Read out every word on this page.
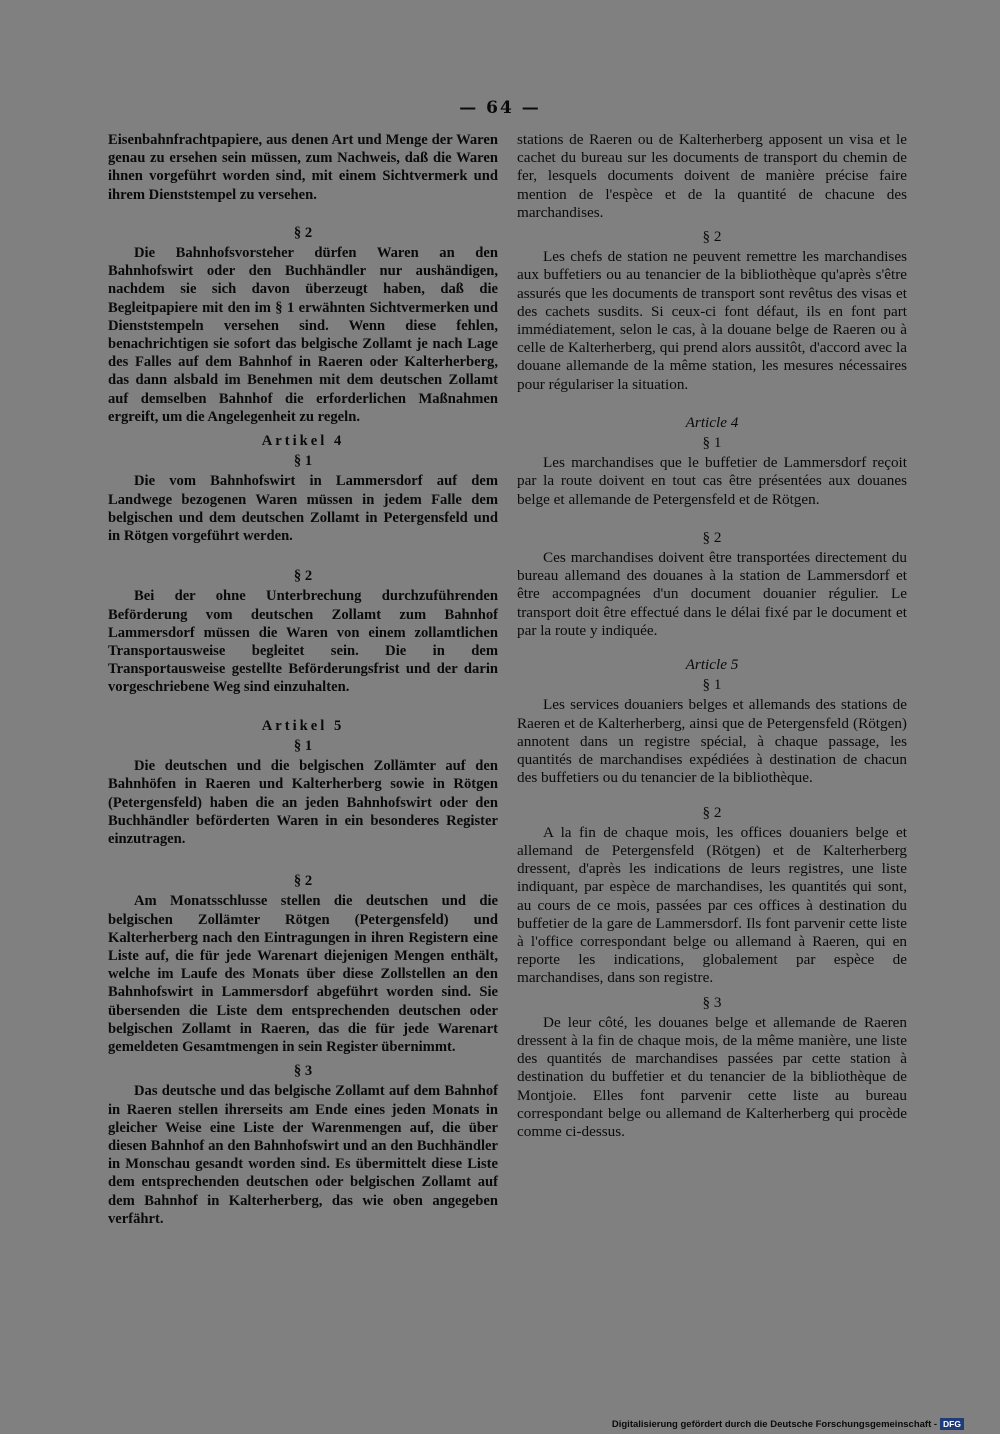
— 64 —

Eisenbahnfrachtpapiere, aus denen Art und Menge der Waren genau zu ersehen sein müssen, zum Nachweis, daß die Waren ihnen vorgeführt worden sind, mit einem Sichtvermerk und ihrem Dienststempel zu versehen.

§ 2

Die Bahnhofsvorsteher dürfen Waren an den Bahnhofswirt oder den Buchhändler nur aushändigen, nachdem sie sich davon überzeugt haben, daß die Begleitpapiere mit den im § 1 erwähnten Sichtvermerken und Dienststempeln versehen sind. Wenn diese fehlen, benachrichtigen sie sofort das belgische Zollamt je nach Lage des Falles auf dem Bahnhof in Raeren oder Kalterherberg, das dann alsbald im Benehmen mit dem deutschen Zollamt auf demselben Bahnhof die erforderlichen Maßnahmen ergreift, um die Angelegenheit zu regeln.

Artikel 4

§ 1

Die vom Bahnhofswirt in Lammersdorf auf dem Landwege bezogenen Waren müssen in jedem Falle dem belgischen und dem deutschen Zollamt in Petergensfeld und in Rötgen vorgeführt werden.

§ 2

Bei der ohne Unterbrechung durchzuführenden Beförderung vom deutschen Zollamt zum Bahnhof Lammersdorf müssen die Waren von einem zollamtlichen Transportausweise begleitet sein. Die in dem Transportausweise gestellte Beförderungsfrist und der darin vorgeschriebene Weg sind einzuhalten.

Artikel 5

§ 1

Die deutschen und die belgischen Zollämter auf den Bahnhöfen in Raeren und Kalterherberg sowie in Rötgen (Petergensfeld) haben die an jeden Bahnhofswirt oder den Buchhändler beförderten Waren in ein besonderes Register einzutragen.

§ 2

Am Monatsschlusse stellen die deutschen und die belgischen Zollämter Rötgen (Petergensfeld) und Kalterherberg nach den Eintragungen in ihren Registern eine Liste auf, die für jede Warenart diejenigen Mengen enthält, welche im Laufe des Monats über diese Zollstellen an den Bahnhofswirt in Lammersdorf abgeführt worden sind. Sie übersenden die Liste dem entsprechenden deutschen oder belgischen Zollamt in Raeren, das die für jede Warenart gemeldeten Gesamtmengen in sein Register übernimmt.

§ 3

Das deutsche und das belgische Zollamt auf dem Bahnhof in Raeren stellen ihrerseits am Ende eines jeden Monats in gleicher Weise eine Liste der Warenmengen auf, die über diesen Bahnhof an den Bahnhofswirt und an den Buchhändler in Monschau gesandt worden sind. Es übermittelt diese Liste dem entsprechenden deutschen oder belgischen Zollamt auf dem Bahnhof in Kalterherberg, das wie oben angegeben verfährt.

stations de Raeren ou de Kalterherberg apposent un visa et le cachet du bureau sur les documents de transport du chemin de fer, lesquels documents doivent de manière précise faire mention de l'espèce et de la quantité de chacune des marchandises.

§ 2

Les chefs de station ne peuvent remettre les marchandises aux buffetiers ou au tenancier de la bibliothèque qu'après s'être assurés que les documents de transport sont revêtus des visas et des cachets susdits. Si ceux-ci font défaut, ils en font part immédiatement, selon le cas, à la douane belge de Raeren ou à celle de Kalterherberg, qui prend alors aussitôt, d'accord avec la douane allemande de la même station, les mesures nécessaires pour régulariser la situation.

Article 4

§ 1

Les marchandises que le buffetier de Lammersdorf reçoit par la route doivent en tout cas être présentées aux douanes belge et allemande de Petergensfeld et de Rötgen.

§ 2

Ces marchandises doivent être transportées directement du bureau allemand des douanes à la station de Lammersdorf et être accompagnées d'un document douanier régulier. Le transport doit être effectué dans le délai fixé par le document et par la route y indiquée.

Article 5

§ 1

Les services douaniers belges et allemands des stations de Raeren et de Kalterherberg, ainsi que de Petergensfeld (Rötgen) annotent dans un registre spécial, à chaque passage, les quantités de marchandises expédiées à destination de chacun des buffetiers ou du tenancier de la bibliothèque.

§ 2

A la fin de chaque mois, les offices douaniers belge et allemand de Petergensfeld (Rötgen) et de Kalterherberg dressent, d'après les indications de leurs registres, une liste indiquant, par espèce de marchandises, les quantités qui sont, au cours de ce mois, passées par ces offices à destination du buffetier de la gare de Lammersdorf. Ils font parvenir cette liste à l'office correspondant belge ou allemand à Raeren, qui en reporte les indications, globalement par espèce de marchandises, dans son registre.

§ 3

De leur côté, les douanes belge et allemande de Raeren dressent à la fin de chaque mois, de la même manière, une liste des quantités de marchandises passées par cette station à destination du buffetier et du tenancier de la bibliothèque de Montjoie. Elles font parvenir cette liste au bureau correspondant belge ou allemand de Kalterherberg qui procède comme ci-dessus.

Digitalisierung gefördert durch die Deutsche Forschungsgemeinschaft - DFG
